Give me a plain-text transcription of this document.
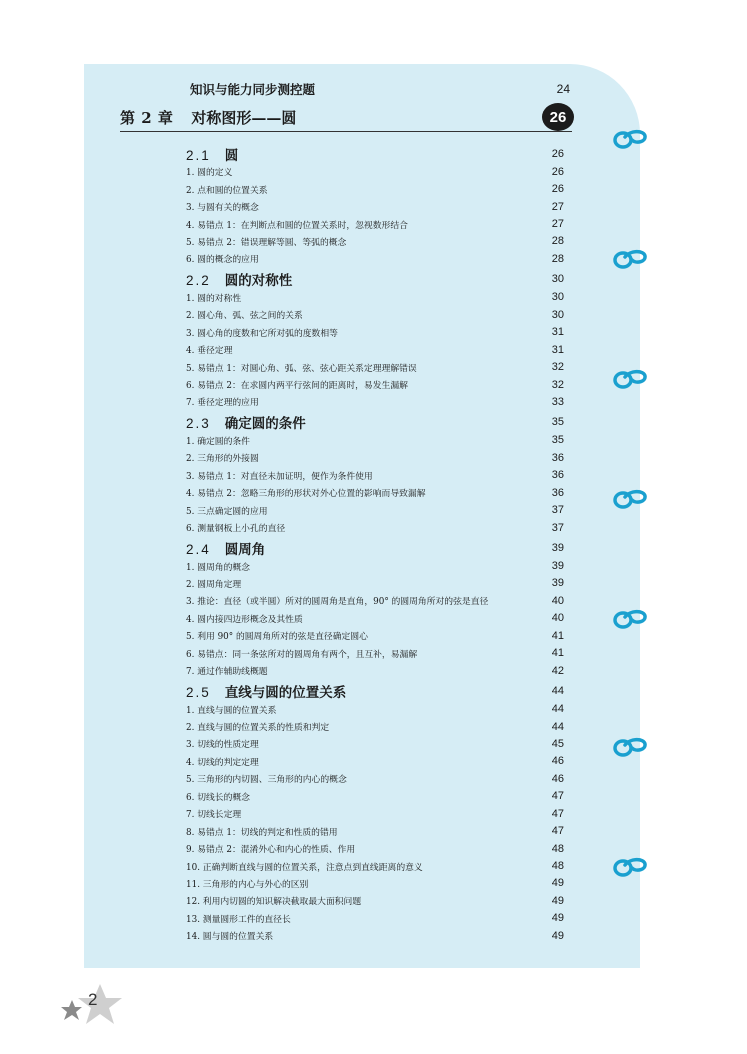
知识与能力同步测控题	24
第 2 章 对称图形——圆	26
2.1 圆	26
1. 圆的定义	26
2. 点和圆的位置关系	26
3. 与圆有关的概念	27
4. 易错点 1：在判断点和圆的位置关系时，忽视数形结合	27
5. 易错点 2：错误理解等圆、等弧的概念	28
6. 圆的概念的应用	28
2.2 圆的对称性	30
1. 圆的对称性	30
2. 圆心角、弧、弦之间的关系	30
3. 圆心角的度数和它所对弧的度数相等	31
4. 垂径定理	31
5. 易错点 1：对圆心角、弧、弦、弦心距关系定理理解错误	32
6. 易错点 2：在求圆内两平行弦间的距离时，易发生漏解	32
7. 垂径定理的应用	33
2.3 确定圆的条件	35
1. 确定圆的条件	35
2. 三角形的外接圆	36
3. 易错点 1：对直径未加证明，便作为条件使用	36
4. 易错点 2：忽略三角形的形状对外心位置的影响而导致漏解	36
5. 三点确定圆的应用	37
6. 测量钢板上小孔的直径	37
2.4 圆周角	39
1. 圆周角的概念	39
2. 圆周角定理	39
3. 推论：直径（或半圆）所对的圆周角是直角，90° 的圆周角所对的弦是直径	40
4. 圆内接四边形概念及其性质	40
5. 利用 90° 的圆周角所对的弦是直径确定圆心	41
6. 易错点：同一条弦所对的圆周角有两个，且互补，易漏解	41
7. 通过作辅助线概题	42
2.5 直线与圆的位置关系	44
1. 直线与圆的位置关系	44
2. 直线与圆的位置关系的性质和判定	44
3. 切线的性质定理	45
4. 切线的判定定理	46
5. 三角形的内切圆、三角形的内心的概念	46
6. 切线长的概念	47
7. 切线长定理	47
8. 易错点 1：切线的判定和性质的错用	47
9. 易错点 2：混淆外心和内心的性质、作用	48
10. 正确判断直线与圆的位置关系，注意点到直线距离的意义	48
11. 三角形的内心与外心的区别	49
12. 利用内切圆的知识解决截取最大面积问题	49
13. 测量圆形工件的直径长	49
14. 圆与圆的位置关系	49
2
